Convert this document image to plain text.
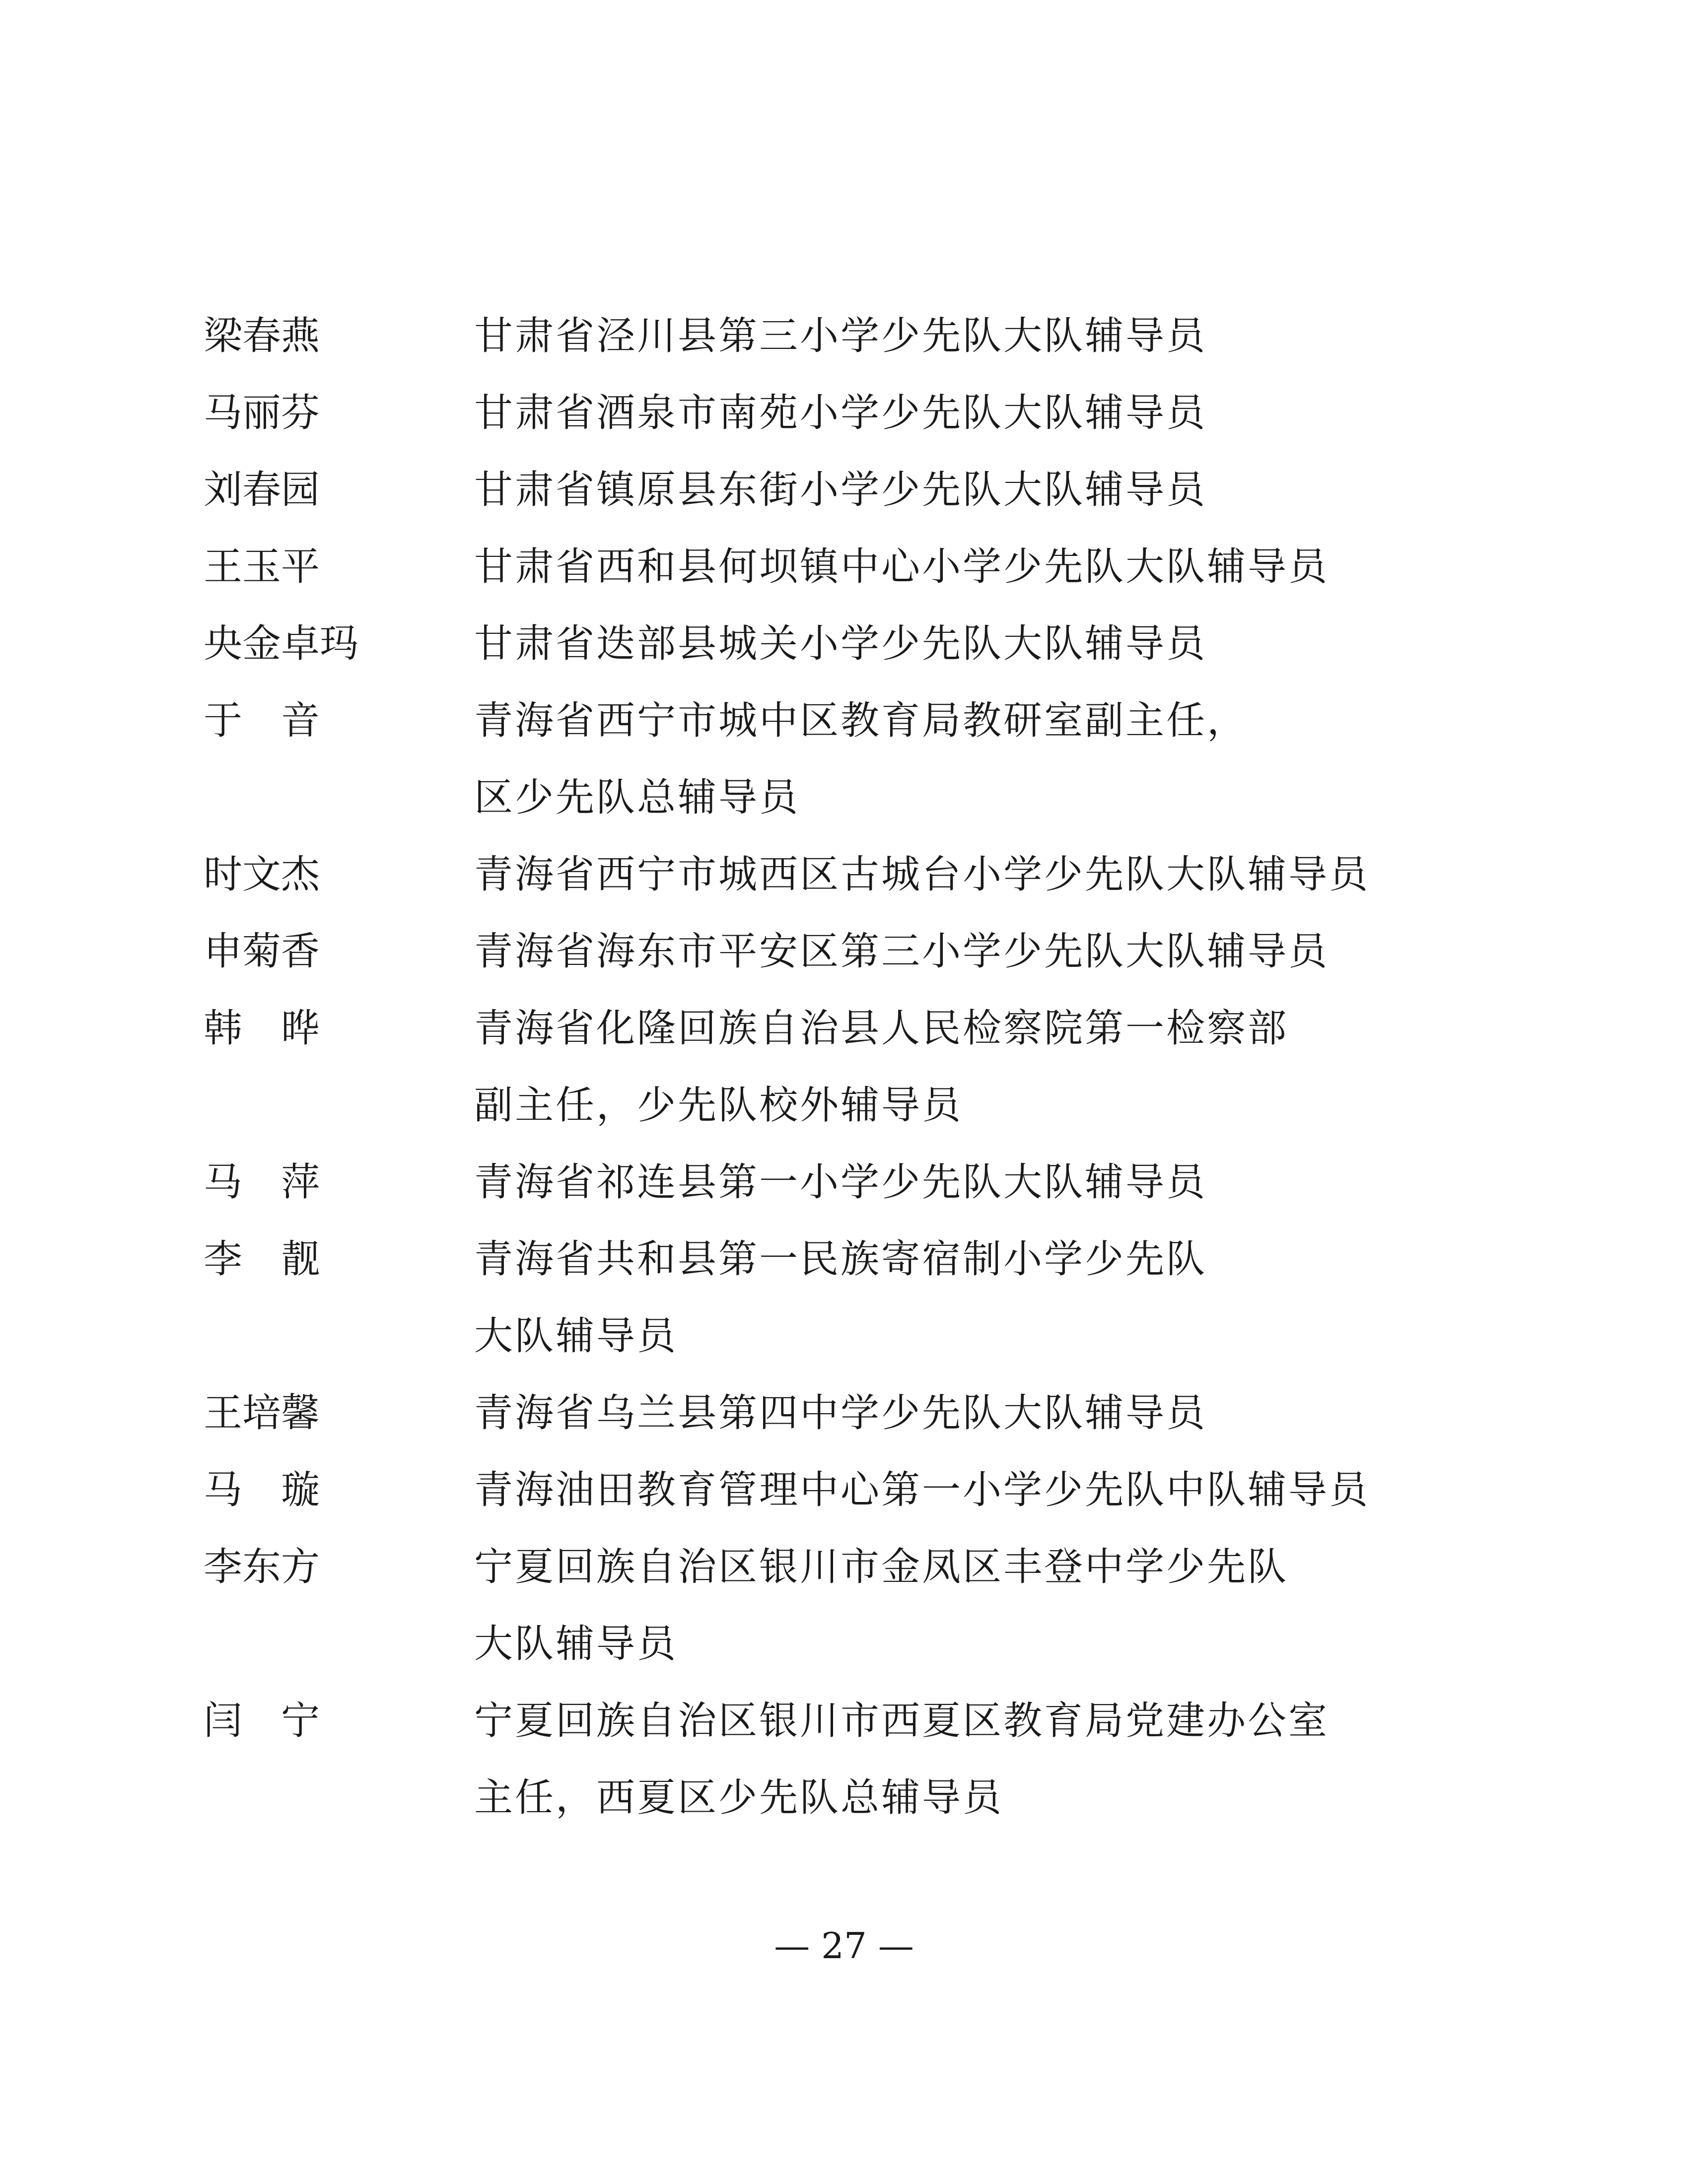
梁春燕	甘肃省泾川县第三小学少先队大队辅导员
马丽芬	甘肃省酒泉市南苑小学少先队大队辅导员
刘春园	甘肃省镇原县东街小学少先队大队辅导员
王玉平	甘肃省西和县何坝镇中心小学少先队大队辅导员
央金卓玛	甘肃省迭部县城关小学少先队大队辅导员
于　音	青海省西宁市城中区教育局教研室副主任，
区少先队总辅导员
时文杰	青海省西宁市城西区古城台小学少先队大队辅导员
申菊香	青海省海东市平安区第三小学少先队大队辅导员
韩　晔	青海省化隆回族自治县人民检察院第一检察部
副主任，少先队校外辅导员
马　萍	青海省祁连县第一小学少先队大队辅导员
李　靓	青海省共和县第一民族寄宿制小学少先队
大队辅导员
王培馨	青海省乌兰县第四中学少先队大队辅导员
马　璇	青海油田教育管理中心第一小学少先队中队辅导员
李东方	宁夏回族自治区银川市金凤区丰登中学少先队
大队辅导员
闫　宁	宁夏回族自治区银川市西夏区教育局党建办公室
主任，西夏区少先队总辅导员
— 27 —
